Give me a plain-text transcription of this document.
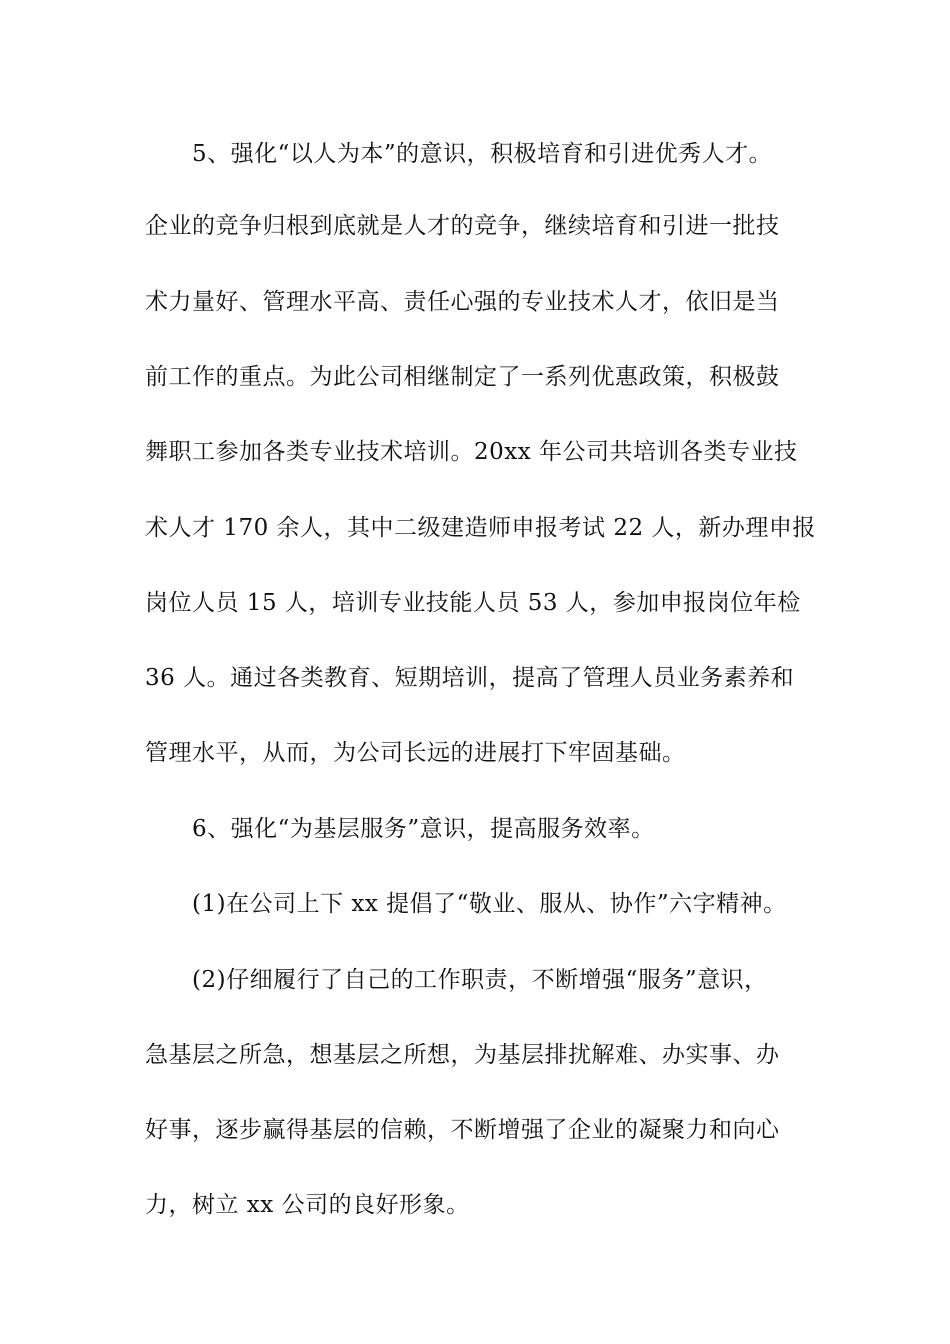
5、强化“以人为本”的意识，积极培育和引进优秀人才。
企业的竞争归根到底就是人才的竞争，继续培育和引进一批技
术力量好、管理水平高、责任心强的专业技术人才，依旧是当
前工作的重点。为此公司相继制定了一系列优惠政策，积极鼓
舞职工参加各类专业技术培训。20xx 年公司共培训各类专业技
术人才 170 余人，其中二级建造师申报考试 22 人，新办理申报
岗位人员 15 人，培训专业技能人员 53 人，参加申报岗位年检
36 人。通过各类教育、短期培训，提高了管理人员业务素养和
管理水平，从而，为公司长远的进展打下牢固基础。
6、强化“为基层服务”意识，提高服务效率。
(1)在公司上下 xx 提倡了“敬业、服从、协作”六字精神。
(2)仔细履行了自己的工作职责，不断增强“服务”意识，
急基层之所急，想基层之所想，为基层排扰解难、办实事、办
好事，逐步赢得基层的信赖，不断增强了企业的凝聚力和向心
力，树立 xx 公司的良好形象。
